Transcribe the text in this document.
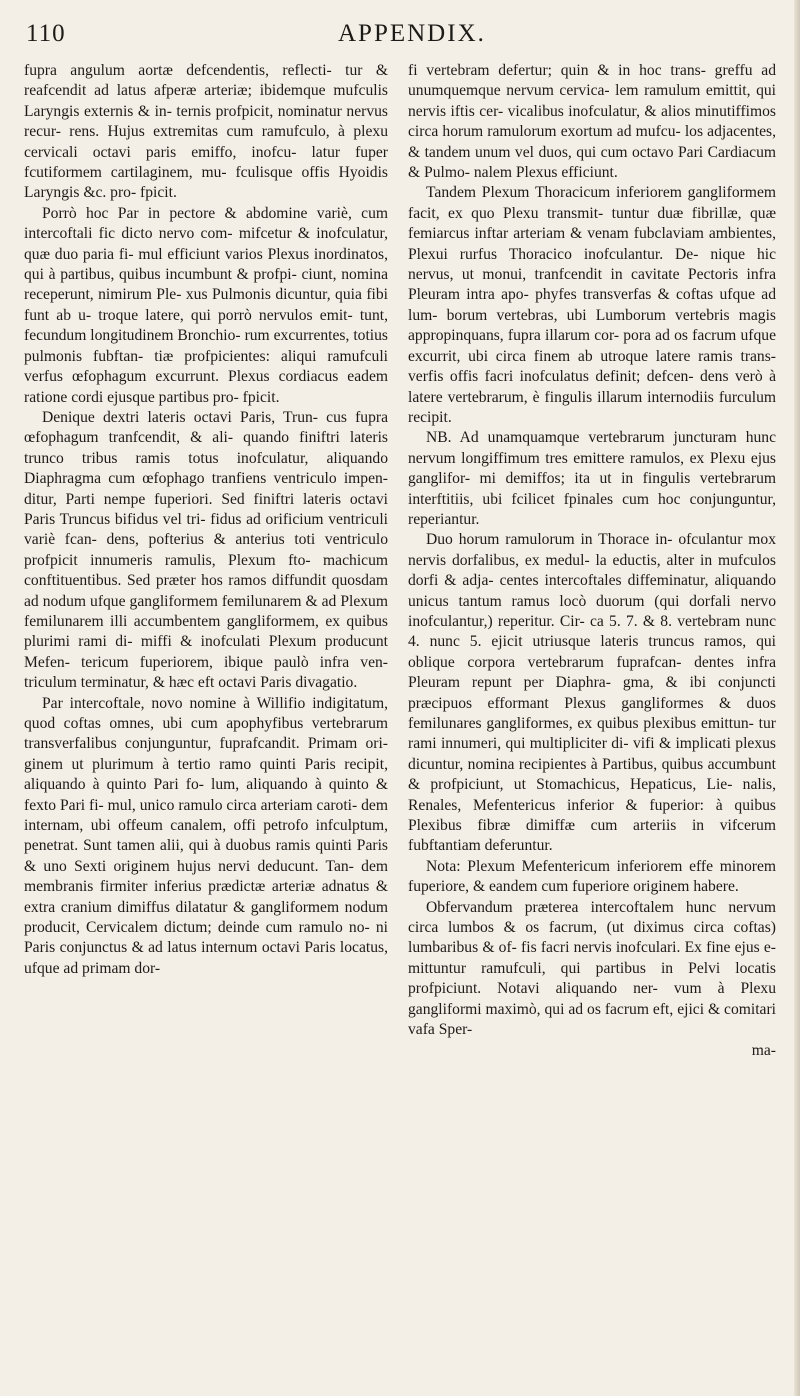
110	APPENDIX.

fupra angulum aortæ defcendentis, reflecti- tur & reafcendit ad latus afperæ arteriæ; ibidemque mufculis Laryngis externis & in- ternis profpicit, nominatur nervus recur- rens. Hujus extremitas cum ramufculo, à plexu cervicali octavi paris emiffo, inofcu- latur fuper fcutiformem cartilaginem, mu- fculisque offis Hyoidis Laryngis &c. pro- fpicit.

Porrò hoc Par in pectore & abdomine variè, cum intercoftali fic dicto nervo com- mifcetur & inofculatur, quæ duo paria fi- mul efficiunt varios Plexus inordinatos, qui à partibus, quibus incumbunt & profpi- ciunt, nomina receperunt, nimirum Ple- xus Pulmonis dicuntur, quia fibi funt ab u- troque latere, qui porrò nervulos emit- tunt, fecundum longitudinem Bronchio- rum excurrentes, totius pulmonis fubftan- tiæ profpicientes: aliqui ramufculi verfus œfophagum excurrunt. Plexus cordiacus eadem ratione cordi ejusque partibus pro- fpicit.

Denique dextri lateris octavi Paris, Trun- cus fupra œfophagum tranfcendit, & ali- quando finiftri lateris trunco tribus ramis totus inofculatur, aliquando Diaphragma cum œfophago tranfiens ventriculo impen- ditur, Parti nempe fuperiori. Sed finiftri lateris octavi Paris Truncus bifidus vel tri- fidus ad orificium ventriculi variè fcan- dens, pofterius & anterius toti ventriculo profpicit innumeris ramulis, Plexum fto- machicum conftituentibus. Sed præter hos ramos diffundit quosdam ad nodum ufque gangliformem femilunarem & ad Plexum femilunarem illi accumbentem gangliformem, ex quibus plurimi rami di- miffi & inofculati Plexum producunt Mefen- tericum fuperiorem, ibique paulò infra ven- triculum terminatur, & hæc eft octavi Paris divagatio.

Par intercoftale, novo nomine à Willifio indigitatum, quod coftas omnes, ubi cum apophyfibus vertebrarum transverfalibus conjunguntur, fuprafcandit. Primam ori- ginem ut plurimum à tertio ramo quinti Paris recipit, aliquando à quinto Pari fo- lum, aliquando à quinto & fexto Pari fi- mul, unico ramulo circa arteriam caroti- dem internam, ubi offeum canalem, offi petrofo infculptum, penetrat. Sunt tamen alii, qui à duobus ramis quinti Paris & uno Sexti originem hujus nervi deducunt. Tan- dem membranis firmiter inferius prædictæ arteriæ adnatus & extra cranium dimiffus dilatatur & gangliformem nodum producit, Cervicalem dictum; deinde cum ramulo no- ni Paris conjunctus & ad latus internum octavi Paris locatus, ufque ad primam dor-

fi vertebram defertur; quin & in hoc trans- greffu ad unumquemque nervum cervica- lem ramulum emittit, qui nervis iftis cer- vicalibus inofculatur, & alios minutiffimos circa horum ramulorum exortum ad mufcu- los adjacentes, & tandem unum vel duos, qui cum octavo Pari Cardiacum & Pulmo- nalem Plexus efficiunt.

Tandem Plexum Thoracicum inferiorem gangliformem facit, ex quo Plexu transmit- tuntur duæ fibrillæ, quæ femiarcus inftar arteriam & venam fubclaviam ambientes, Plexui rurfus Thoracico inofculantur. De- nique hic nervus, ut monui, tranfcendit in cavitate Pectoris infra Pleuram intra apo- phyfes transverfas & coftas ufque ad lum- borum vertebras, ubi Lumborum vertebris magis appropinquans, fupra illarum cor- pora ad os facrum ufque excurrit, ubi circa finem ab utroque latere ramis trans- verfis offis facri inofculatus definit; defcen- dens verò à latere vertebrarum, è fingulis illarum internodiis furculum recipit.

NB. Ad unamquamque vertebrarum juncturam hunc nervum longiffimum tres emittere ramulos, ex Plexu ejus ganglifor- mi demiffos; ita ut in fingulis vertebrarum interftitiis, ubi fcilicet fpinales cum hoc conjunguntur, reperiantur.

Duo horum ramulorum in Thorace in- ofculantur mox nervis dorfalibus, ex medul- la eductis, alter in mufculos dorfi & adja- centes intercoftales diffeminatur, aliquando unicus tantum ramus locò duorum (qui dorfali nervo inofculantur,) reperitur. Cir- ca 5. 7. & 8. vertebram nunc 4. nunc 5. ejicit utriusque lateris truncus ramos, qui oblique corpora vertebrarum fuprafcan- dentes infra Pleuram repunt per Diaphra- gma, & ibi conjuncti præcipuos efformant Plexus gangliformes & duos femilunares gangliformes, ex quibus plexibus emittun- tur rami innumeri, qui multipliciter di- vifi & implicati plexus dicuntur, nomina recipientes à Partibus, quibus accumbunt & profpiciunt, ut Stomachicus, Hepaticus, Lie- nalis, Renales, Mefentericus inferior & fuperior: à quibus Plexibus fibræ dimiffæ cum arteriis in vifcerum fubftantiam deferuntur.

Nota: Plexum Mefentericum inferiorem effe minorem fuperiore, & eandem cum fuperiore originem habere.

Obfervandum præterea intercoftalem hunc nervum circa lumbos & os facrum, (ut diximus circa coftas) lumbaribus & of- fis facri nervis inofculari. Ex fine ejus e- mittuntur ramufculi, qui partibus in Pelvi locatis profpiciunt. Notavi aliquando ner- vum à Plexu gangliformi maximò, qui ad os facrum eft, ejici & comitari vafa Sper-

ma-
